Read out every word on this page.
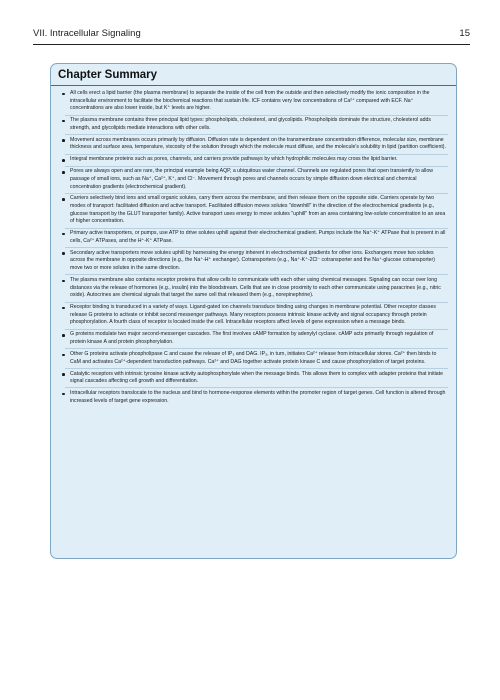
VII. Intracellular Signaling	15
Chapter Summary
All cells erect a lipid barrier (the plasma membrane) to separate the inside of the cell from the outside and then selectively modify the ionic composition in the intracellular environment to facilitate the biochemical reactions that sustain life. ICF contains very low concentrations of Ca²⁺ compared with ECF. Na⁺ concentrations are also lower inside, but K⁺ levels are higher.
The plasma membrane contains three principal lipid types: phospholipids, cholesterol, and glycolipids. Phospholipids dominate the structure, cholesterol adds strength, and glycolipids mediate interactions with other cells.
Movement across membranes occurs primarily by diffusion. Diffusion rate is dependent on the transmembrane concentration difference, molecular size, membrane thickness and surface area, temperature, viscosity of the solution through which the molecule must diffuse, and the molecule's solubility in lipid (partition coefficient).
Integral membrane proteins such as pores, channels, and carriers provide pathways by which hydrophilic molecules may cross the lipid barrier.
Pores are always open and are rare, the principal example being AQP, a ubiquitous water channel. Channels are regulated pores that open transiently to allow passage of small ions, such as Na⁺, Ca²⁺, K⁺, and Cl⁻. Movement through pores and channels occurs by simple diffusion down electrical and chemical concentration gradients (electrochemical gradient).
Carriers selectively bind ions and small organic solutes, carry them across the membrane, and then release them on the opposite side. Carriers operate by two modes of transport: facilitated diffusion and active transport. Facilitated diffusion moves solutes "downhill" in the direction of the electrochemical gradients (e.g., glucose transport by the GLUT transporter family). Active transport uses energy to move solutes "uphill" from an area containing low-solute concentration to an area of higher concentration.
Primary active transporters, or pumps, use ATP to drive solutes uphill against their electrochemical gradient. Pumps include the Na⁺-K⁺ ATPase that is present in all cells, Ca²⁺ ATPases, and the H⁺-K⁺ ATPase.
Secondary active transporters move solutes uphill by harnessing the energy inherent in electrochemical gradients for other ions. Exchangers move two solutes across the membrane in opposite directions (e.g., the Na⁺-H⁺ exchanger). Cotransporters (e.g., Na⁺-K⁺-2Cl⁻ cotransporter and the Na⁺-glucose cotransporter) move two or more solutes in the same direction.
The plasma membrane also contains receptor proteins that allow cells to communicate with each other using chemical messages. Signaling can occur over long distances via the release of hormones (e.g., insulin) into the bloodstream. Cells that are in close proximity to each other communicate using paracrines (e.g., nitric oxide). Autocrines are chemical signals that target the same cell that released them (e.g., norepinephrine).
Receptor binding is transduced in a variety of ways. Ligand-gated ion channels transduce binding using changes in membrane potential. Other receptor classes release G proteins to activate or inhibit second messenger pathways. Many receptors possess intrinsic kinase activity and signal occupancy through protein phosphorylation. A fourth class of receptor is located inside the cell. Intracellular receptors affect levels of gene expression when a message binds.
G proteins modulate two major second-messenger cascades. The first involves cAMP formation by adenylyl cyclase. cAMP acts primarily through regulation of protein kinase A and protein phosphorylation.
Other G proteins activate phospholipase C and cause the release of IP₃ and DAG. IP₃, in turn, initiates Ca²⁺ release from intracellular stores. Ca²⁺ then binds to CaM and activates Ca²⁺-dependent transduction pathways. Ca²⁺ and DAG together activate protein kinase C and cause phosphorylation of target proteins.
Catalytic receptors with intrinsic tyrosine kinase activity autophosphorylate when the message binds. This allows them to complex with adapter proteins that initiate signal cascades affecting cell growth and differentiation.
Intracellular receptors translocate to the nucleus and bind to hormone-response elements within the promoter region of target genes. Cell function is altered through increased levels of target gene expression.
